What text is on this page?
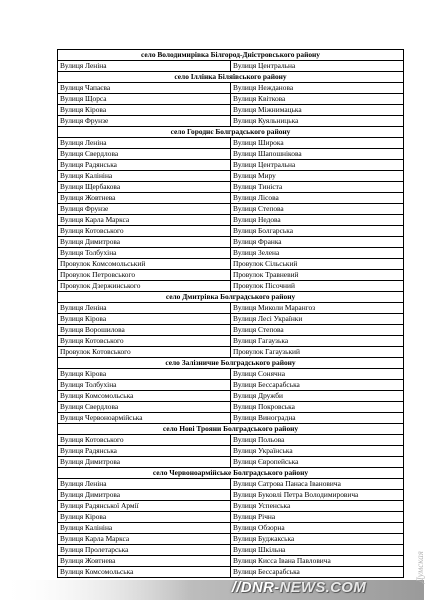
село Володимирівка Білгород-Дністровського району	
Вулиця Леніна	Вулиця Центральна
село Іллінка Біляївського району	
Вулиця Чапаєва	Вулиця Нежданова
Вулиця Щорса	Вулиця Квіткова
Вулиця Кірова	Вулиця Міжнимацька
Вулиця Фрунзе	Вулиця Куяльницька
село Городнє Болградського району	
Вулиця Леніна	Вулиця Широка
Вулиця Свердлова	Вулиця Шапошнікова
Вулиця Радянська	Вулиця Центральна
Вулиця Калініна	Вулиця Миру
Вулиця Щербакова	Вулиця Тиніста
Вулиця Жовтнева	Вулиця Лісова
Вулиця Фрунзе	Вулиця Степова
Вулиця Карла Маркса	Вулиця Недова
Вулиця Котовського	Вулиця Болгарська
Вулиця Димитрова	Вулиця Франка
Вулиця Толбухіна	Вулиця Зелена
Провулок Комсомольський	Провулок Сільський
Провулок Петровського	Провулок Травневий
Провулок Дзержинського	Провулок Пісочний
село Дмитрівка Болградського району	
Вулиця Леніна	Вулиця Миколи Марангоз
Вулиця Кірова	Вулиця Лесі Українки
Вулиця Ворошилова	Вулиця Степова
Вулиця Котовського	Вулиця Гагаузька
Провулок Котовського	Провулок Гагаузький
село Залізничне Болградського району	
Вулиця Кірова	Вулиця Сонячна
Вулиця Толбухіна	Вулиця Бессарабська
Вулиця Комсомольська	Вулиця Дружби
Вулиця Свердлова	Вулиця Покровська
Вулиця Червоноармійська	Вулиця Виноградна
село Нові Трояни Болградського району	
Вулиця Котовського	Вулиця Польова
Вулиця Радянська	Вулиця Українська
Вулиця Димитрова	Вулиця Європейська
село Червоноармійське Болградського району	
Вулиця Леніна	Вулиця Сатрова Панаса Івановича
Вулиця Димитрова	Вулиця Буковлі Петра Володимировича
Вулиця Радянської Армії	Вулиця Успенська
Вулиця Кірова	Вулиця Річна
Вулиця Калініна	Вулиця Обзорна
Вулиця Карла Маркса	Вулиця Буджакська
Вулиця Пролетарська	Вулиця Шкільна
Вулиця Жовтнева	Вулиця Кисса Івана Павловича
Вулиця Комсомольська	Вулиця Бессарабська
//DNR-NEWS.COM
Думская
